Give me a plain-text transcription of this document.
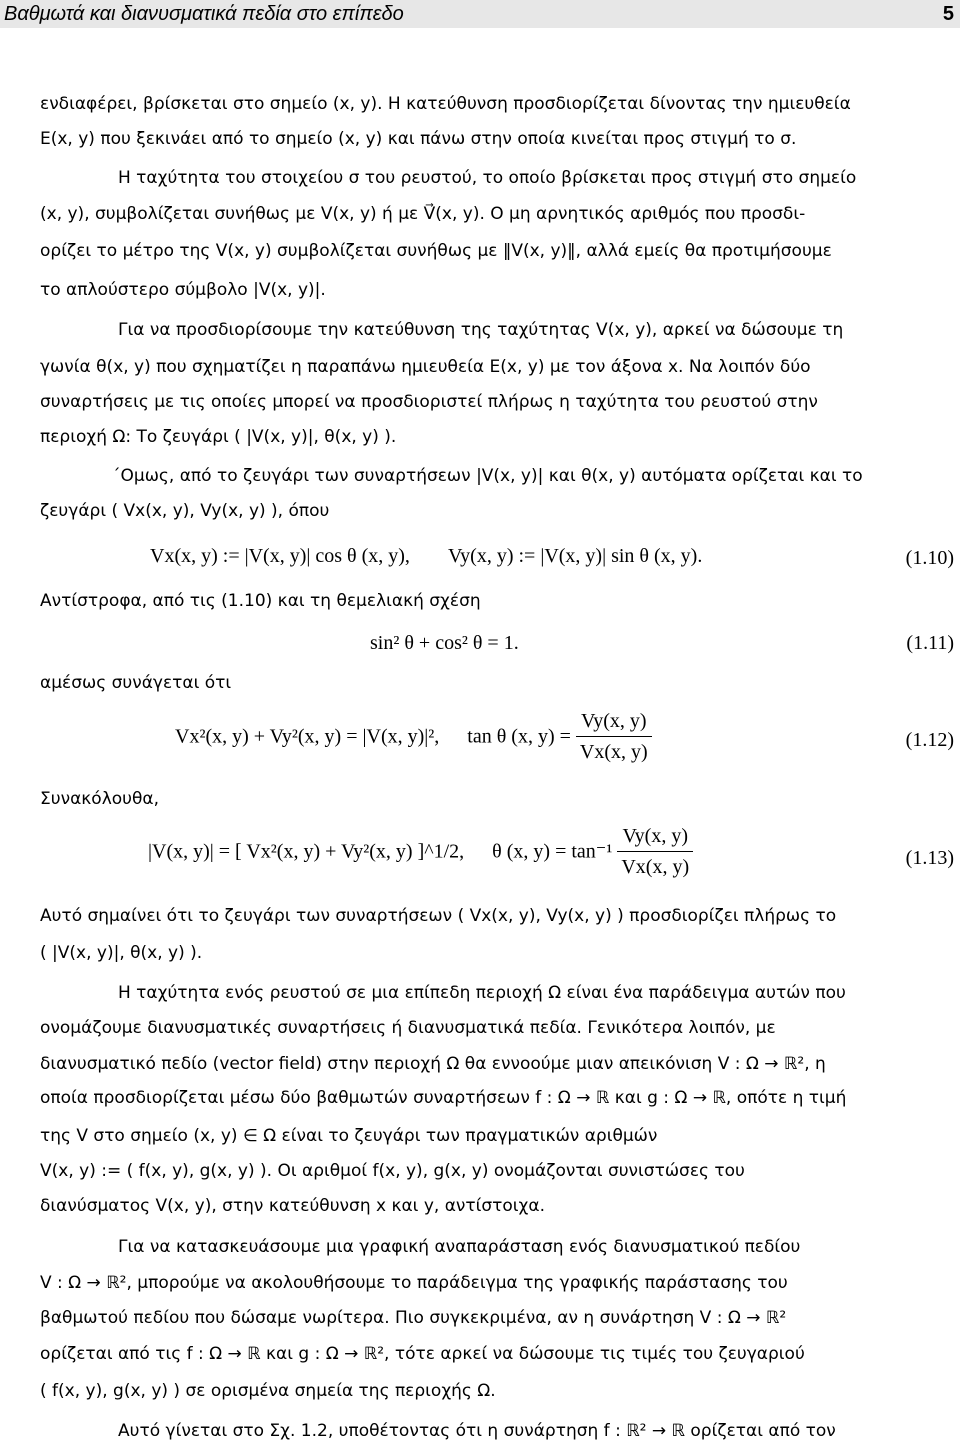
Βαθμωτά και διανυσματικά πεδία στο επίπεδο	5
ενδιαφέρει, βρίσκεται στο σημείο (x, y). Η κατεύθυνση προσδιορίζεται δίνοντας την ημιευθεία
E(x, y) που ξεκινάει από το σημείο (x, y) και πάνω στην οποία κινείται προς στιγμή το σ.
Η ταχύτητα του στοιχείου σ του ρευστού, το οποίο βρίσκεται προς στιγμή στο σημείο
(x, y), συμβολίζεται συνήθως με V(x, y) ή με V⃗(x, y). Ο μη αρνητικός αριθμός που προσδι-
ορίζει το μέτρο της V(x, y) συμβολίζεται συνήθως με ‖V(x, y)‖, αλλά εμείς θα προτιμήσουμε
το απλούστερο σύμβολο |V(x, y)|.
Για να προσδιορίσουμε την κατεύθυνση της ταχύτητας V(x, y), αρκεί να δώσουμε τη
γωνία θ(x, y) που σχηματίζει η παραπάνω ημιευθεία E(x, y) με τον άξονα x. Να λοιπόν δύο
συναρτήσεις με τις οποίες μπορεί να προσδιοριστεί πλήρως η ταχύτητα του ρευστού στην
περιοχή Ω: Το ζευγάρι ( |V(x, y)|, θ(x, y) ).
΄Ομως, από το ζευγάρι των συναρτήσεων |V(x, y)| και θ(x, y) αυτόματα ορίζεται και το
ζευγάρι ( Vx(x, y), Vy(x, y) ), όπου
Vx(x, y) := |V(x, y)| cos θ (x, y), Vy(x, y) := |V(x, y)| sin θ (x, y).	(1.10)
Αντίστροφα, από τις (1.10) και τη θεμελιακή σχέση
sin² θ + cos² θ = 1.	(1.11)
αμέσως συνάγεται ότι
Vx²(x, y) + Vy²(x, y) = |V(x, y)|², tan θ (x, $y) = \frac{Vy(x, y)}{Vx(x, y)}$	(1.12)
Συνακόλουθα,
|V(x, y)| = [ Vx²(x, y) + Vy²(x, y) ]^1/2, θ (x, $y) = \tan^{-1} \frac{Vy(x, y)}{Vx(x, y)}$	(1.13)
Αυτό σημαίνει ότι το ζευγάρι των συναρτήσεων ( Vx(x, y), Vy(x, y) ) προσδιορίζει πλήρως το
( |V(x, y)|, θ(x, y) ).
Η ταχύτητα ενός ρευστού σε μια επίπεδη περιοχή Ω είναι ένα παράδειγμα αυτών που
ονομάζουμε διανυσματικές συναρτήσεις ή διανυσματικά πεδία. Γενικότερα λοιπόν, με
διανυσματικό πεδίο (vector field) στην περιοχή Ω θα εννοούμε μιαν απεικόνιση V : Ω → ℝ², η
οποία προσδιορίζεται μέσω δύο βαθμωτών συναρτήσεων f : Ω → ℝ και g : Ω → ℝ, οπότε η τιμή
της V στο σημείο (x, y) ∈ Ω είναι το ζευγάρι των πραγματικών αριθμών
V(x, y) := ( f(x, y), g(x, y) ). Οι αριθμοί f(x, y), g(x, y) ονομάζονται συνιστώσες του
διανύσματος V(x, y), στην κατεύθυνση x και y, αντίστοιχα.
Για να κατασκευάσουμε μια γραφική αναπαράσταση ενός διανυσματικού πεδίου
V : Ω → ℝ², μπορούμε να ακολουθήσουμε το παράδειγμα της γραφικής παράστασης του
βαθμωτού πεδίου που δώσαμε νωρίτερα. Πιο συγκεκριμένα, αν η συνάρτηση V : Ω → ℝ²
ορίζεται από τις f : Ω → ℝ και g : Ω → ℝ², τότε αρκεί να δώσουμε τις τιμές του ζευγαριού
( f(x, y), g(x, y) ) σε ορισμένα σημεία της περιοχής Ω.
Αυτό γίνεται στο Σχ. 1.2, υποθέτοντας ότι η συνάρτηση f : ℝ² → ℝ ορίζεται από τον
